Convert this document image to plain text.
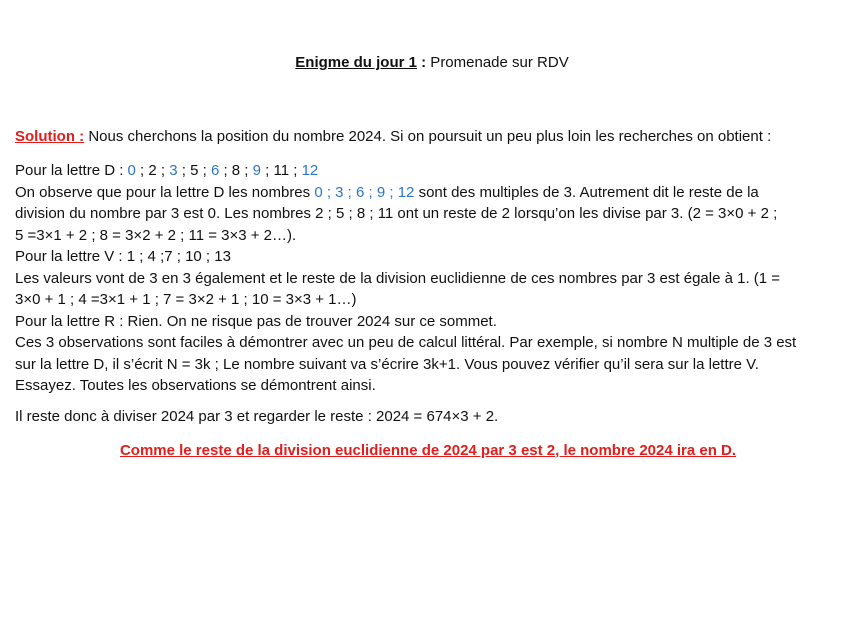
Enigme du jour 1 : Promenade sur RDV
Solution : Nous cherchons la position du nombre 2024. Si on poursuit un peu plus loin les recherches on obtient :
Pour la lettre D : 0 ; 2 ; 3 ; 5 ; 6 ; 8 ; 9 ; 11 ; 12
On observe que pour la lettre D les nombres 0 ; 3 ; 6 ; 9 ; 12 sont des multiples de 3. Autrement dit le reste de la
division du nombre par 3 est 0. Les nombres 2 ; 5 ; 8 ; 11 ont un reste de 2 lorsqu’on les divise par 3. (2 = 3×0 + 2 ;
5 =3×1 + 2 ; 8 = 3×2 + 2 ; 11 = 3×3 + 2…).
Pour la lettre V : 1 ; 4 ;7 ; 10 ; 13
Les valeurs vont de 3 en 3 également et le reste de la division euclidienne de ces nombres par 3 est égale à 1. (1 =
3×0 + 1 ; 4 =3×1 + 1 ; 7 = 3×2 + 1 ; 10 = 3×3 + 1…)
Pour la lettre R : Rien. On ne risque pas de trouver 2024 sur ce sommet.
Ces 3 observations sont faciles à démontrer avec un peu de calcul littéral. Par exemple, si nombre N multiple de 3 est
sur la lettre D, il s’écrit N = 3k ; Le nombre suivant va s’écrire 3k+1. Vous pouvez vérifier qu’il sera sur la lettre V.
Essayez. Toutes les observations se démontrent ainsi.
Il reste donc à diviser 2024 par 3 et regarder le reste : 2024 = 674×3 + 2.
Comme le reste de la division euclidienne de 2024 par 3 est 2, le nombre 2024 ira en D.
